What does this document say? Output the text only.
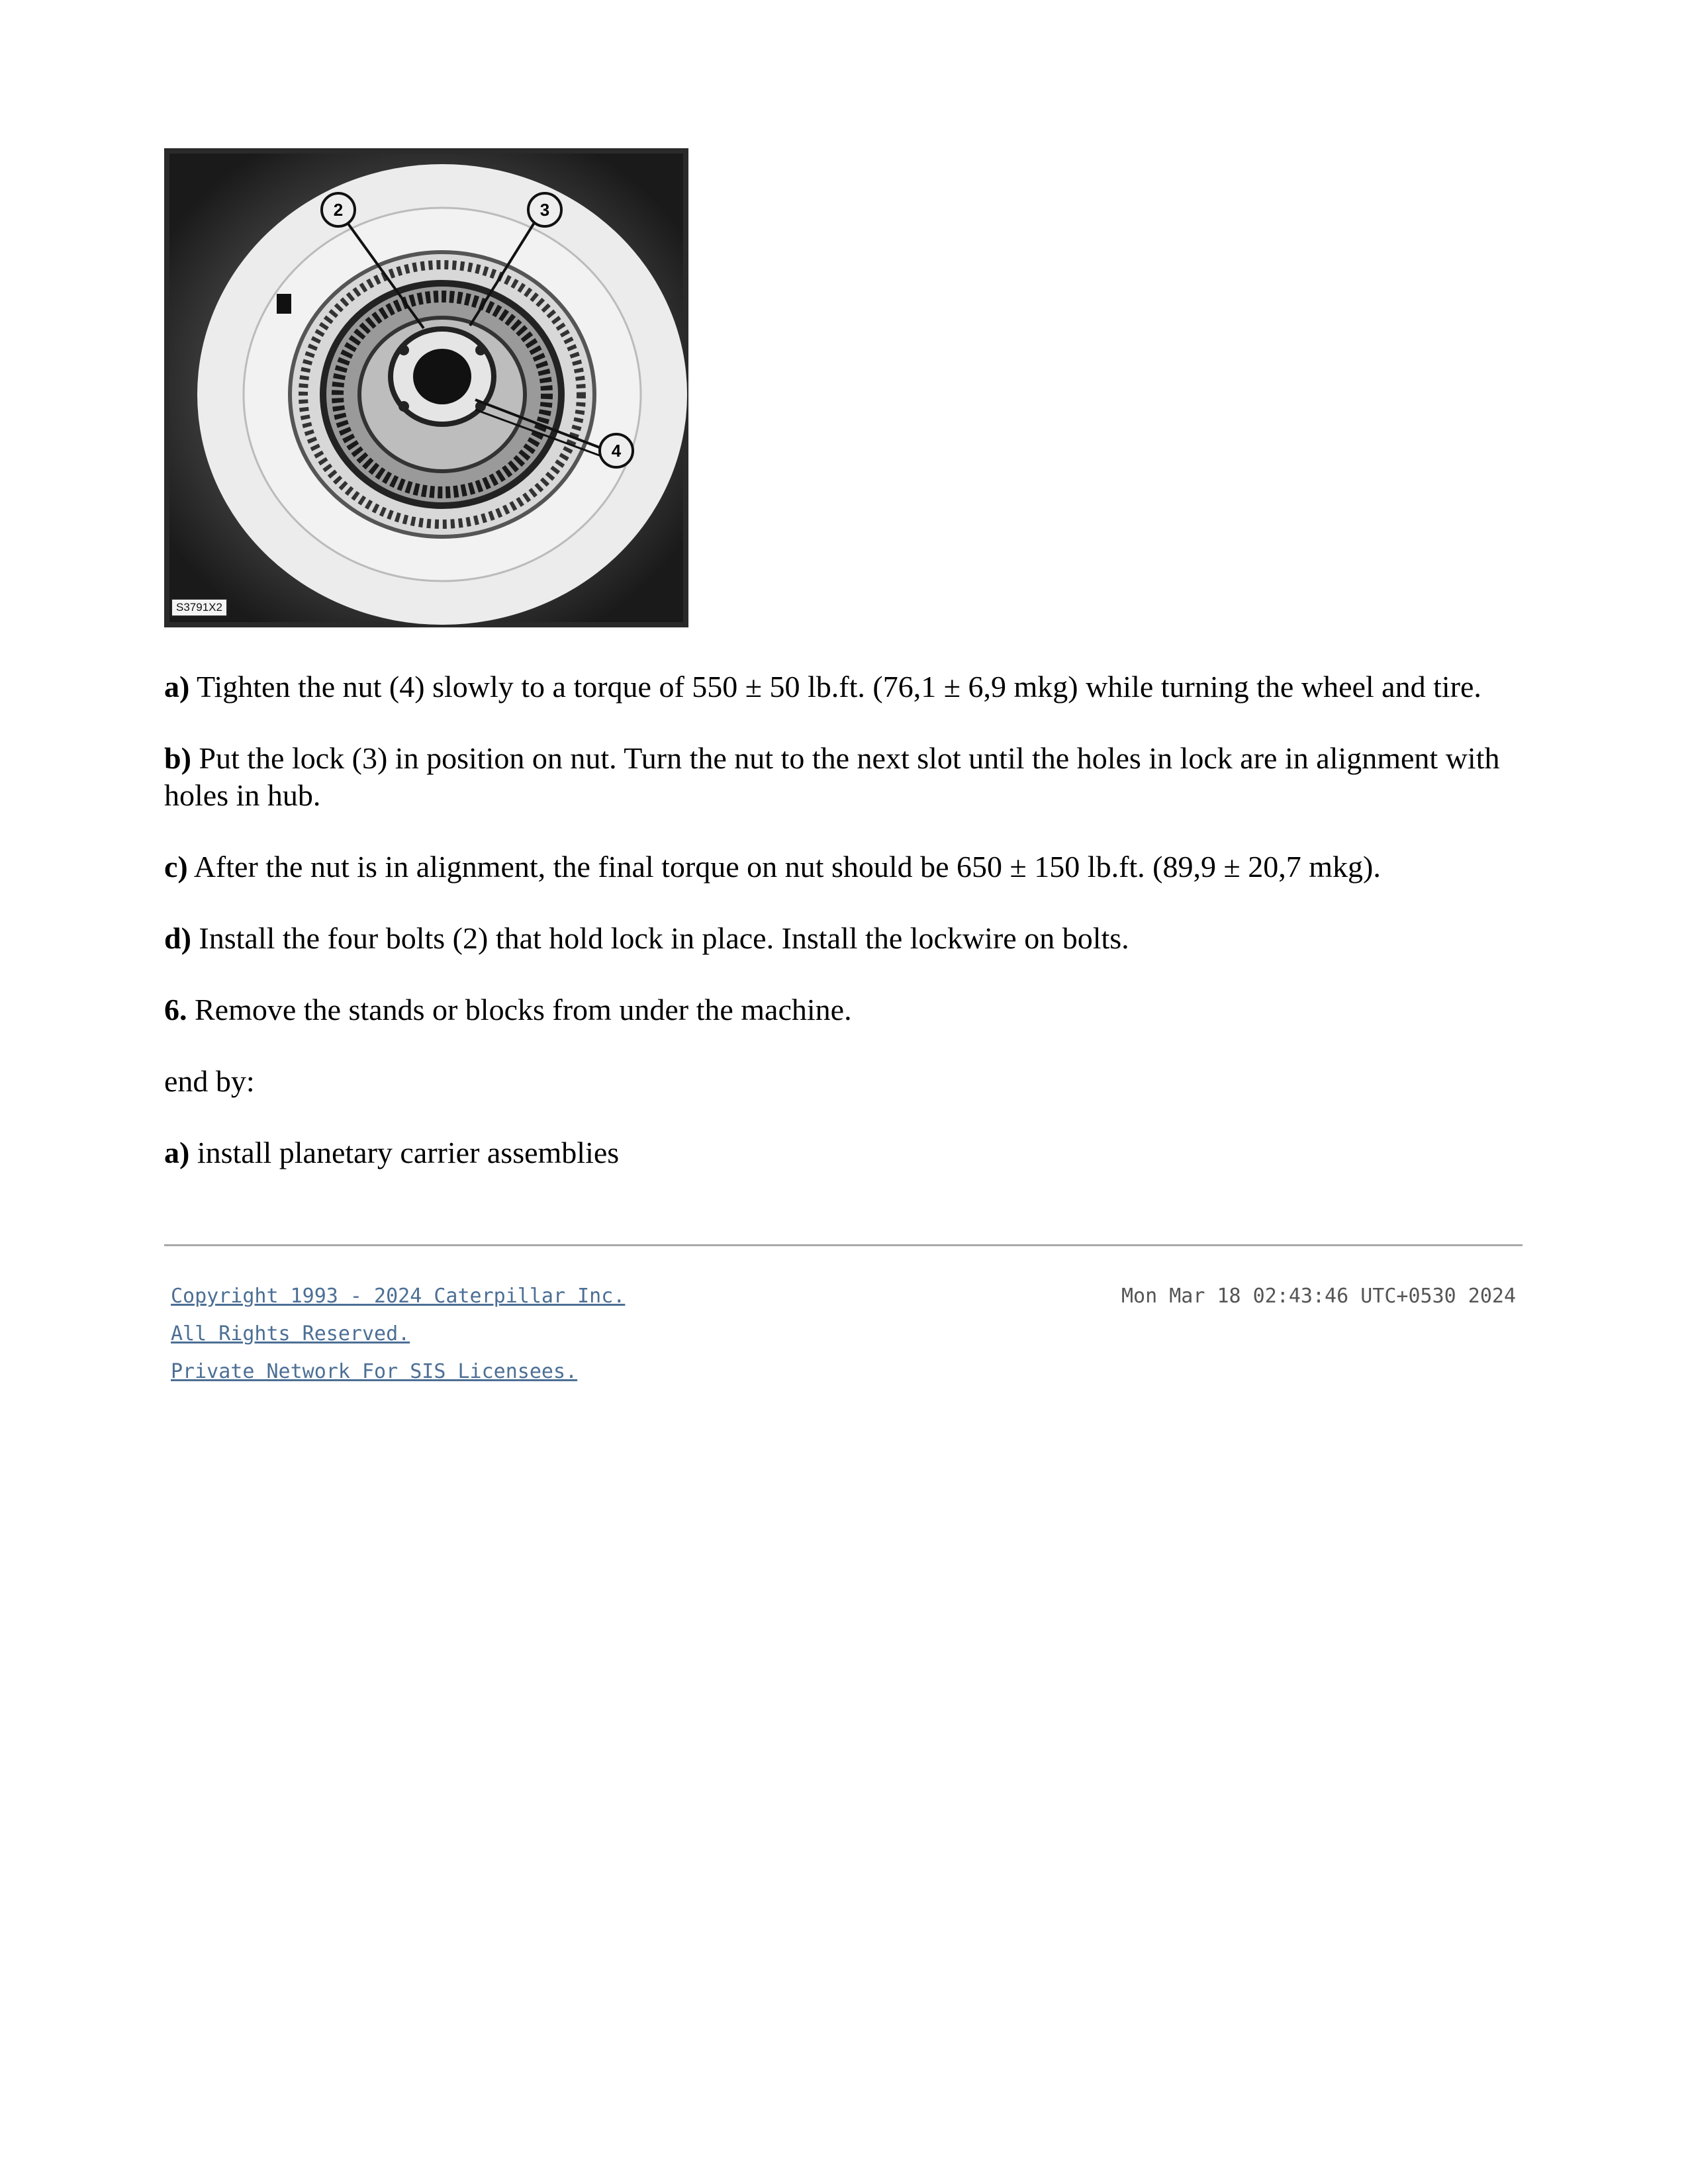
2	3
4
S3791X2

a) Tighten the nut (4) slowly to a torque of 550 ± 50 lb.ft. (76,1 ± 6,9 mkg) while turning the wheel and tire.

b) Put the lock (3) in position on nut. Turn the nut to the next slot until the holes in lock are in alignment with holes in hub.

c) After the nut is in alignment, the final torque on nut should be 650 ± 150 lb.ft. (89,9 ± 20,7 mkg).

d) Install the four bolts (2) that hold lock in place. Install the lockwire on bolts.

6. Remove the stands or blocks from under the machine.

end by:

a) install planetary carrier assemblies

Copyright 1993 - 2024 Caterpillar Inc.
All Rights Reserved.
Private Network For SIS Licensees.
Mon Mar 18 02:43:46 UTC+0530 2024
